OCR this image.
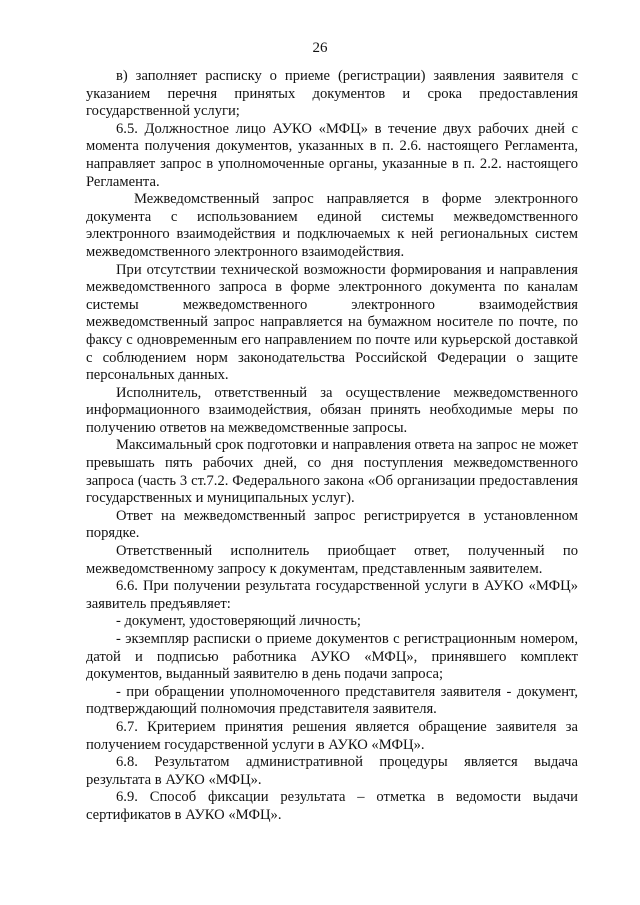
26

в) заполняет расписку о приеме (регистрации) заявления заявителя с указанием перечня принятых документов и срока предоставления государственной услуги;

6.5. Должностное лицо АУКО «МФЦ» в течение двух рабочих дней с момента получения документов, указанных в п. 2.6. настоящего Регламента, направляет запрос в уполномоченные органы, указанные в п. 2.2. настоящего Регламента.

Межведомственный запрос направляется в форме электронного документа с использованием единой системы межведомственного электронного взаимодействия и подключаемых к ней региональных систем межведомственного электронного взаимодействия.

При отсутствии технической возможности формирования и направления межведомственного запроса в форме электронного документа по каналам системы межведомственного электронного взаимодействия межведомственный запрос направляется на бумажном носителе по почте, по факсу с одновременным его направлением по почте или курьерской доставкой с соблюдением норм законодательства Российской Федерации о защите персональных данных.

Исполнитель, ответственный за осуществление межведомственного информационного взаимодействия, обязан принять необходимые меры по получению ответов на межведомственные запросы.

Максимальный срок подготовки и направления ответа на запрос не может превышать пять рабочих дней, со дня поступления межведомственного запроса (часть 3 ст.7.2. Федерального закона «Об организации предоставления государственных и муниципальных услуг).

Ответ на межведомственный запрос регистрируется в установленном порядке.

Ответственный исполнитель приобщает ответ, полученный по межведомственному запросу к документам, представленным заявителем.

6.6. При получении результата государственной услуги в АУКО «МФЦ» заявитель предъявляет:

- документ, удостоверяющий личность;

- экземпляр расписки о приеме документов с регистрационным номером, датой и подписью работника АУКО «МФЦ», принявшего комплект документов, выданный заявителю в день подачи запроса;

- при обращении уполномоченного представителя заявителя - документ, подтверждающий полномочия представителя заявителя.

6.7. Критерием принятия решения является обращение заявителя за получением государственной услуги в АУКО «МФЦ».

6.8. Результатом административной процедуры является выдача результата в АУКО «МФЦ».

6.9. Способ фиксации результата – отметка в ведомости выдачи сертификатов в АУКО «МФЦ».
